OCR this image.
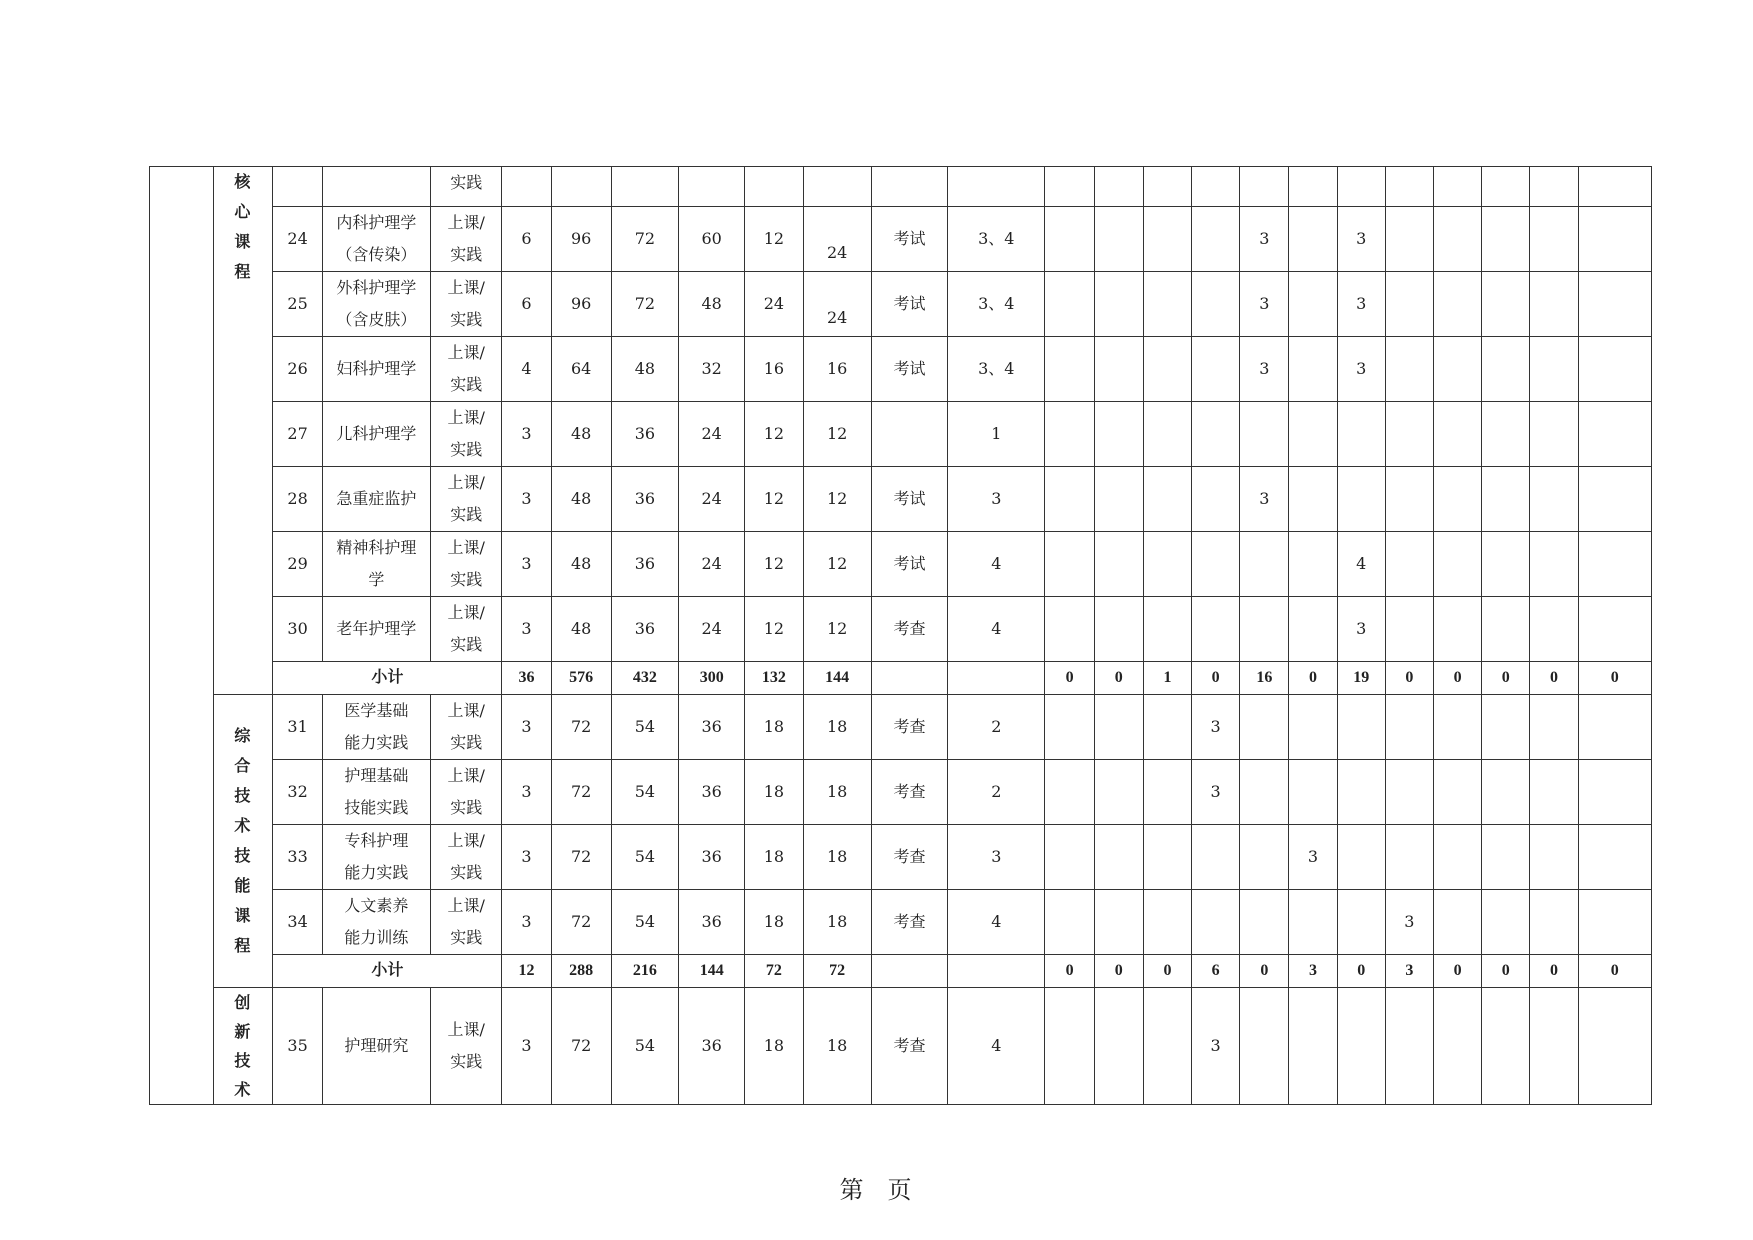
	核心课程			实践																				
		24	内科护理学
（含传染）	上课/
实践	6	96	72	60	12	24	考试	3、4					3		3					
		25	外科护理学
（含皮肤）	上课/
实践	6	96	72	48	24	24	考试	3、4					3		3					
		26	妇科护理学	上课/
实践	4	64	48	32	16	16	考试	3、4					3		3					
		27	儿科护理学	上课/
实践	3	48	36	24	12	12		1												
		28	急重症监护	上课/
实践	3	48	36	24	12	12	考试	3					3							
		29	精神科护理
学	上课/
实践	3	48	36	24	12	12	考试	4							4					
		30	老年护理学	上课/
实践	3	48	36	24	12	12	考查	4							3					
		小计			36	576	432	300	132	144			0	0	1	0	16	0	19	0	0	0	0	0

	综合技术技能课程	31	医学基础
能力实践	上课/
实践	3	72	54	36	18	18	考查	2				3								
		32	护理基础
技能实践	上课/
实践	3	72	54	36	18	18	考查	2				3								
		33	专科护理
能力实践	上课/
实践	3	72	54	36	18	18	考查	3						3						
		34	人文素养
能力训练	上课/
实践	3	72	54	36	18	18	考查	4								3				
		小计			12	288	216	144	72	72			0	0	0	6	0	3	0	3	0	0	0	0

	创新技术	35	护理研究	上课/
实践	3	72	54	36	18	18	考查	4				3								
第 页
